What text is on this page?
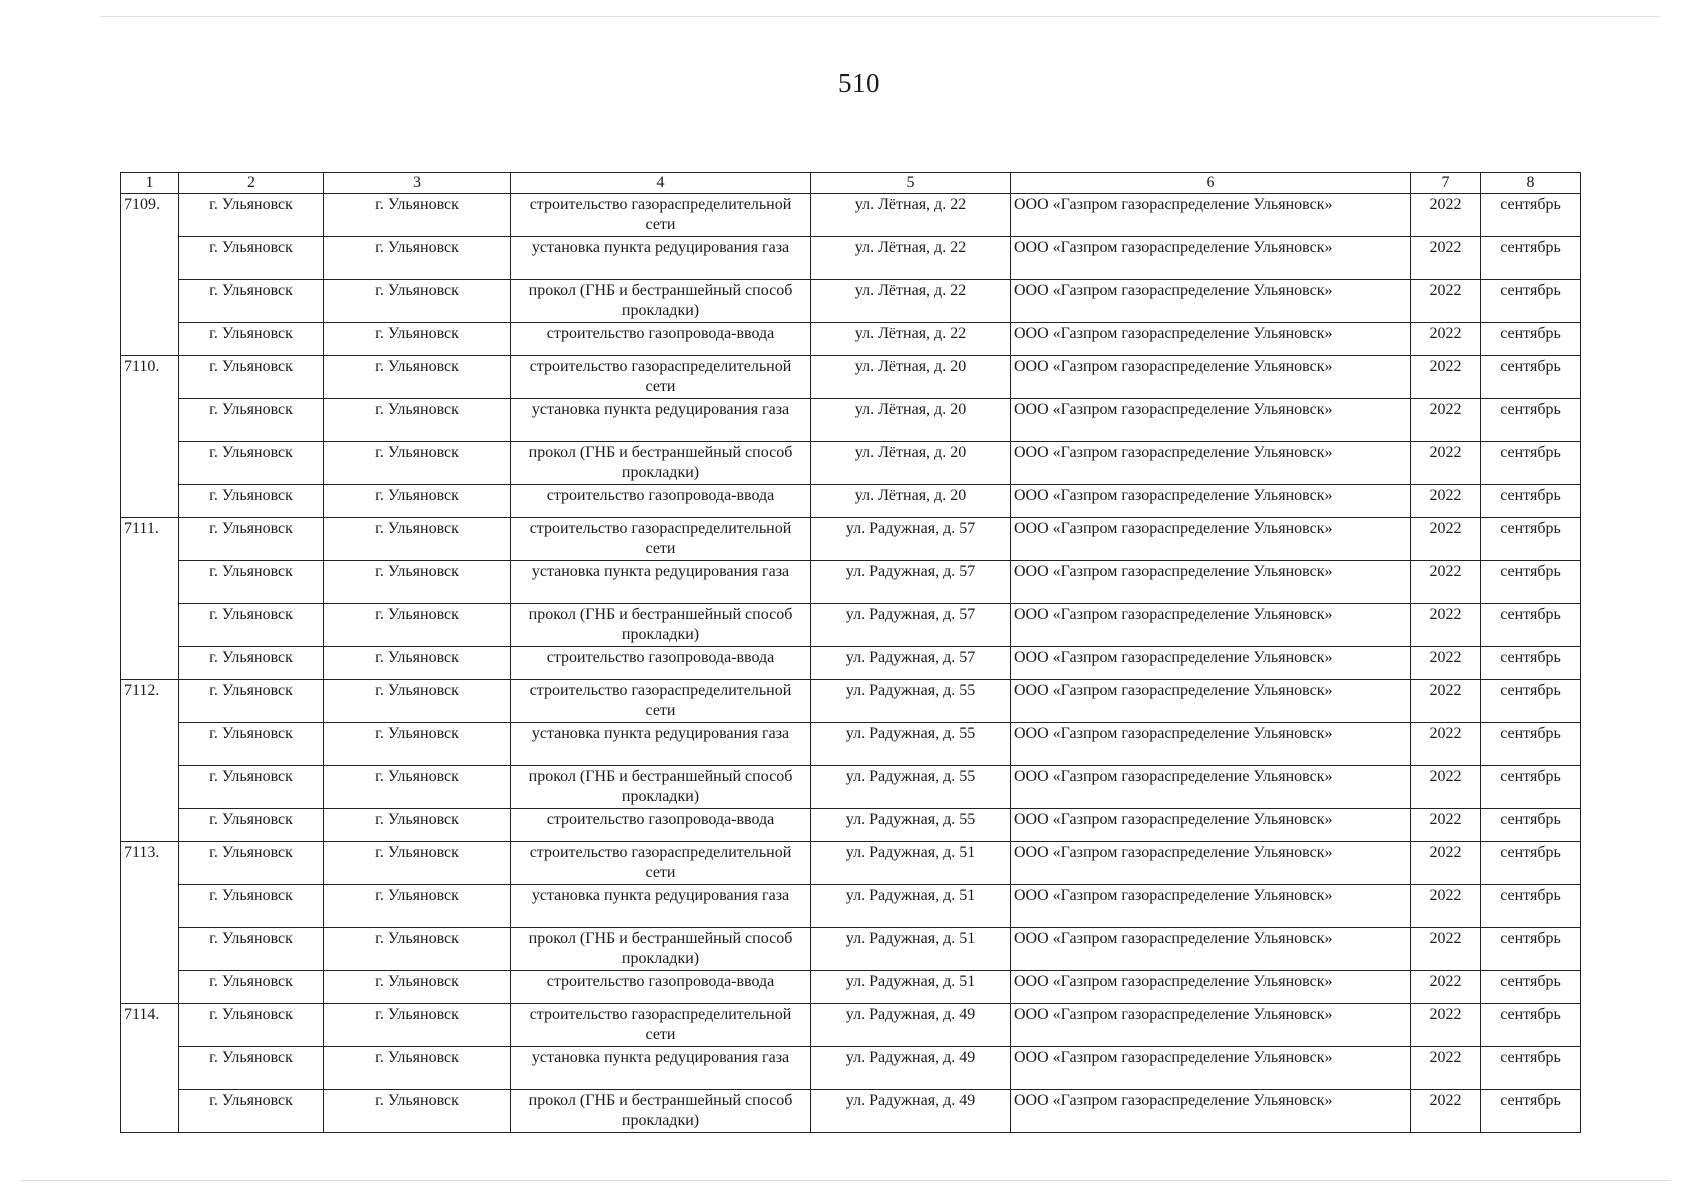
510
1	2	3	4	5	6	7	8
7109.	г. Ульяновск	г. Ульяновск	строительство газораспределительной сети	ул. Лётная, д. 22	ООО «Газпром газораспределение Ульяновск»	2022	сентябрь
	г. Ульяновск	г. Ульяновск	установка пункта редуцирования газа	ул. Лётная, д. 22	ООО «Газпром газораспределение Ульяновск»	2022	сентябрь
	г. Ульяновск	г. Ульяновск	прокол (ГНБ и бестраншейный способ прокладки)	ул. Лётная, д. 22	ООО «Газпром газораспределение Ульяновск»	2022	сентябрь
	г. Ульяновск	г. Ульяновск	строительство газопровода-ввода	ул. Лётная, д. 22	ООО «Газпром газораспределение Ульяновск»	2022	сентябрь
7110.	г. Ульяновск	г. Ульяновск	строительство газораспределительной сети	ул. Лётная, д. 20	ООО «Газпром газораспределение Ульяновск»	2022	сентябрь
	г. Ульяновск	г. Ульяновск	установка пункта редуцирования газа	ул. Лётная, д. 20	ООО «Газпром газораспределение Ульяновск»	2022	сентябрь
	г. Ульяновск	г. Ульяновск	прокол (ГНБ и бестраншейный способ прокладки)	ул. Лётная, д. 20	ООО «Газпром газораспределение Ульяновск»	2022	сентябрь
	г. Ульяновск	г. Ульяновск	строительство газопровода-ввода	ул. Лётная, д. 20	ООО «Газпром газораспределение Ульяновск»	2022	сентябрь
7111.	г. Ульяновск	г. Ульяновск	строительство газораспределительной сети	ул. Радужная, д. 57	ООО «Газпром газораспределение Ульяновск»	2022	сентябрь
	г. Ульяновск	г. Ульяновск	установка пункта редуцирования газа	ул. Радужная, д. 57	ООО «Газпром газораспределение Ульяновск»	2022	сентябрь
	г. Ульяновск	г. Ульяновск	прокол (ГНБ и бестраншейный способ прокладки)	ул. Радужная, д. 57	ООО «Газпром газораспределение Ульяновск»	2022	сентябрь
	г. Ульяновск	г. Ульяновск	строительство газопровода-ввода	ул. Радужная, д. 57	ООО «Газпром газораспределение Ульяновск»	2022	сентябрь
7112.	г. Ульяновск	г. Ульяновск	строительство газораспределительной сети	ул. Радужная, д. 55	ООО «Газпром газораспределение Ульяновск»	2022	сентябрь
	г. Ульяновск	г. Ульяновск	установка пункта редуцирования газа	ул. Радужная, д. 55	ООО «Газпром газораспределение Ульяновск»	2022	сентябрь
	г. Ульяновск	г. Ульяновск	прокол (ГНБ и бестраншейный способ прокладки)	ул. Радужная, д. 55	ООО «Газпром газораспределение Ульяновск»	2022	сентябрь
	г. Ульяновск	г. Ульяновск	строительство газопровода-ввода	ул. Радужная, д. 55	ООО «Газпром газораспределение Ульяновск»	2022	сентябрь
7113.	г. Ульяновск	г. Ульяновск	строительство газораспределительной сети	ул. Радужная, д. 51	ООО «Газпром газораспределение Ульяновск»	2022	сентябрь
	г. Ульяновск	г. Ульяновск	установка пункта редуцирования газа	ул. Радужная, д. 51	ООО «Газпром газораспределение Ульяновск»	2022	сентябрь
	г. Ульяновск	г. Ульяновск	прокол (ГНБ и бестраншейный способ прокладки)	ул. Радужная, д. 51	ООО «Газпром газораспределение Ульяновск»	2022	сентябрь
	г. Ульяновск	г. Ульяновск	строительство газопровода-ввода	ул. Радужная, д. 51	ООО «Газпром газораспределение Ульяновск»	2022	сентябрь
7114.	г. Ульяновск	г. Ульяновск	строительство газораспределительной сети	ул. Радужная, д. 49	ООО «Газпром газораспределение Ульяновск»	2022	сентябрь
	г. Ульяновск	г. Ульяновск	установка пункта редуцирования газа	ул. Радужная, д. 49	ООО «Газпром газораспределение Ульяновск»	2022	сентябрь
	г. Ульяновск	г. Ульяновск	прокол (ГНБ и бестраншейный способ прокладки)	ул. Радужная, д. 49	ООО «Газпром газораспределение Ульяновск»	2022	сентябрь
